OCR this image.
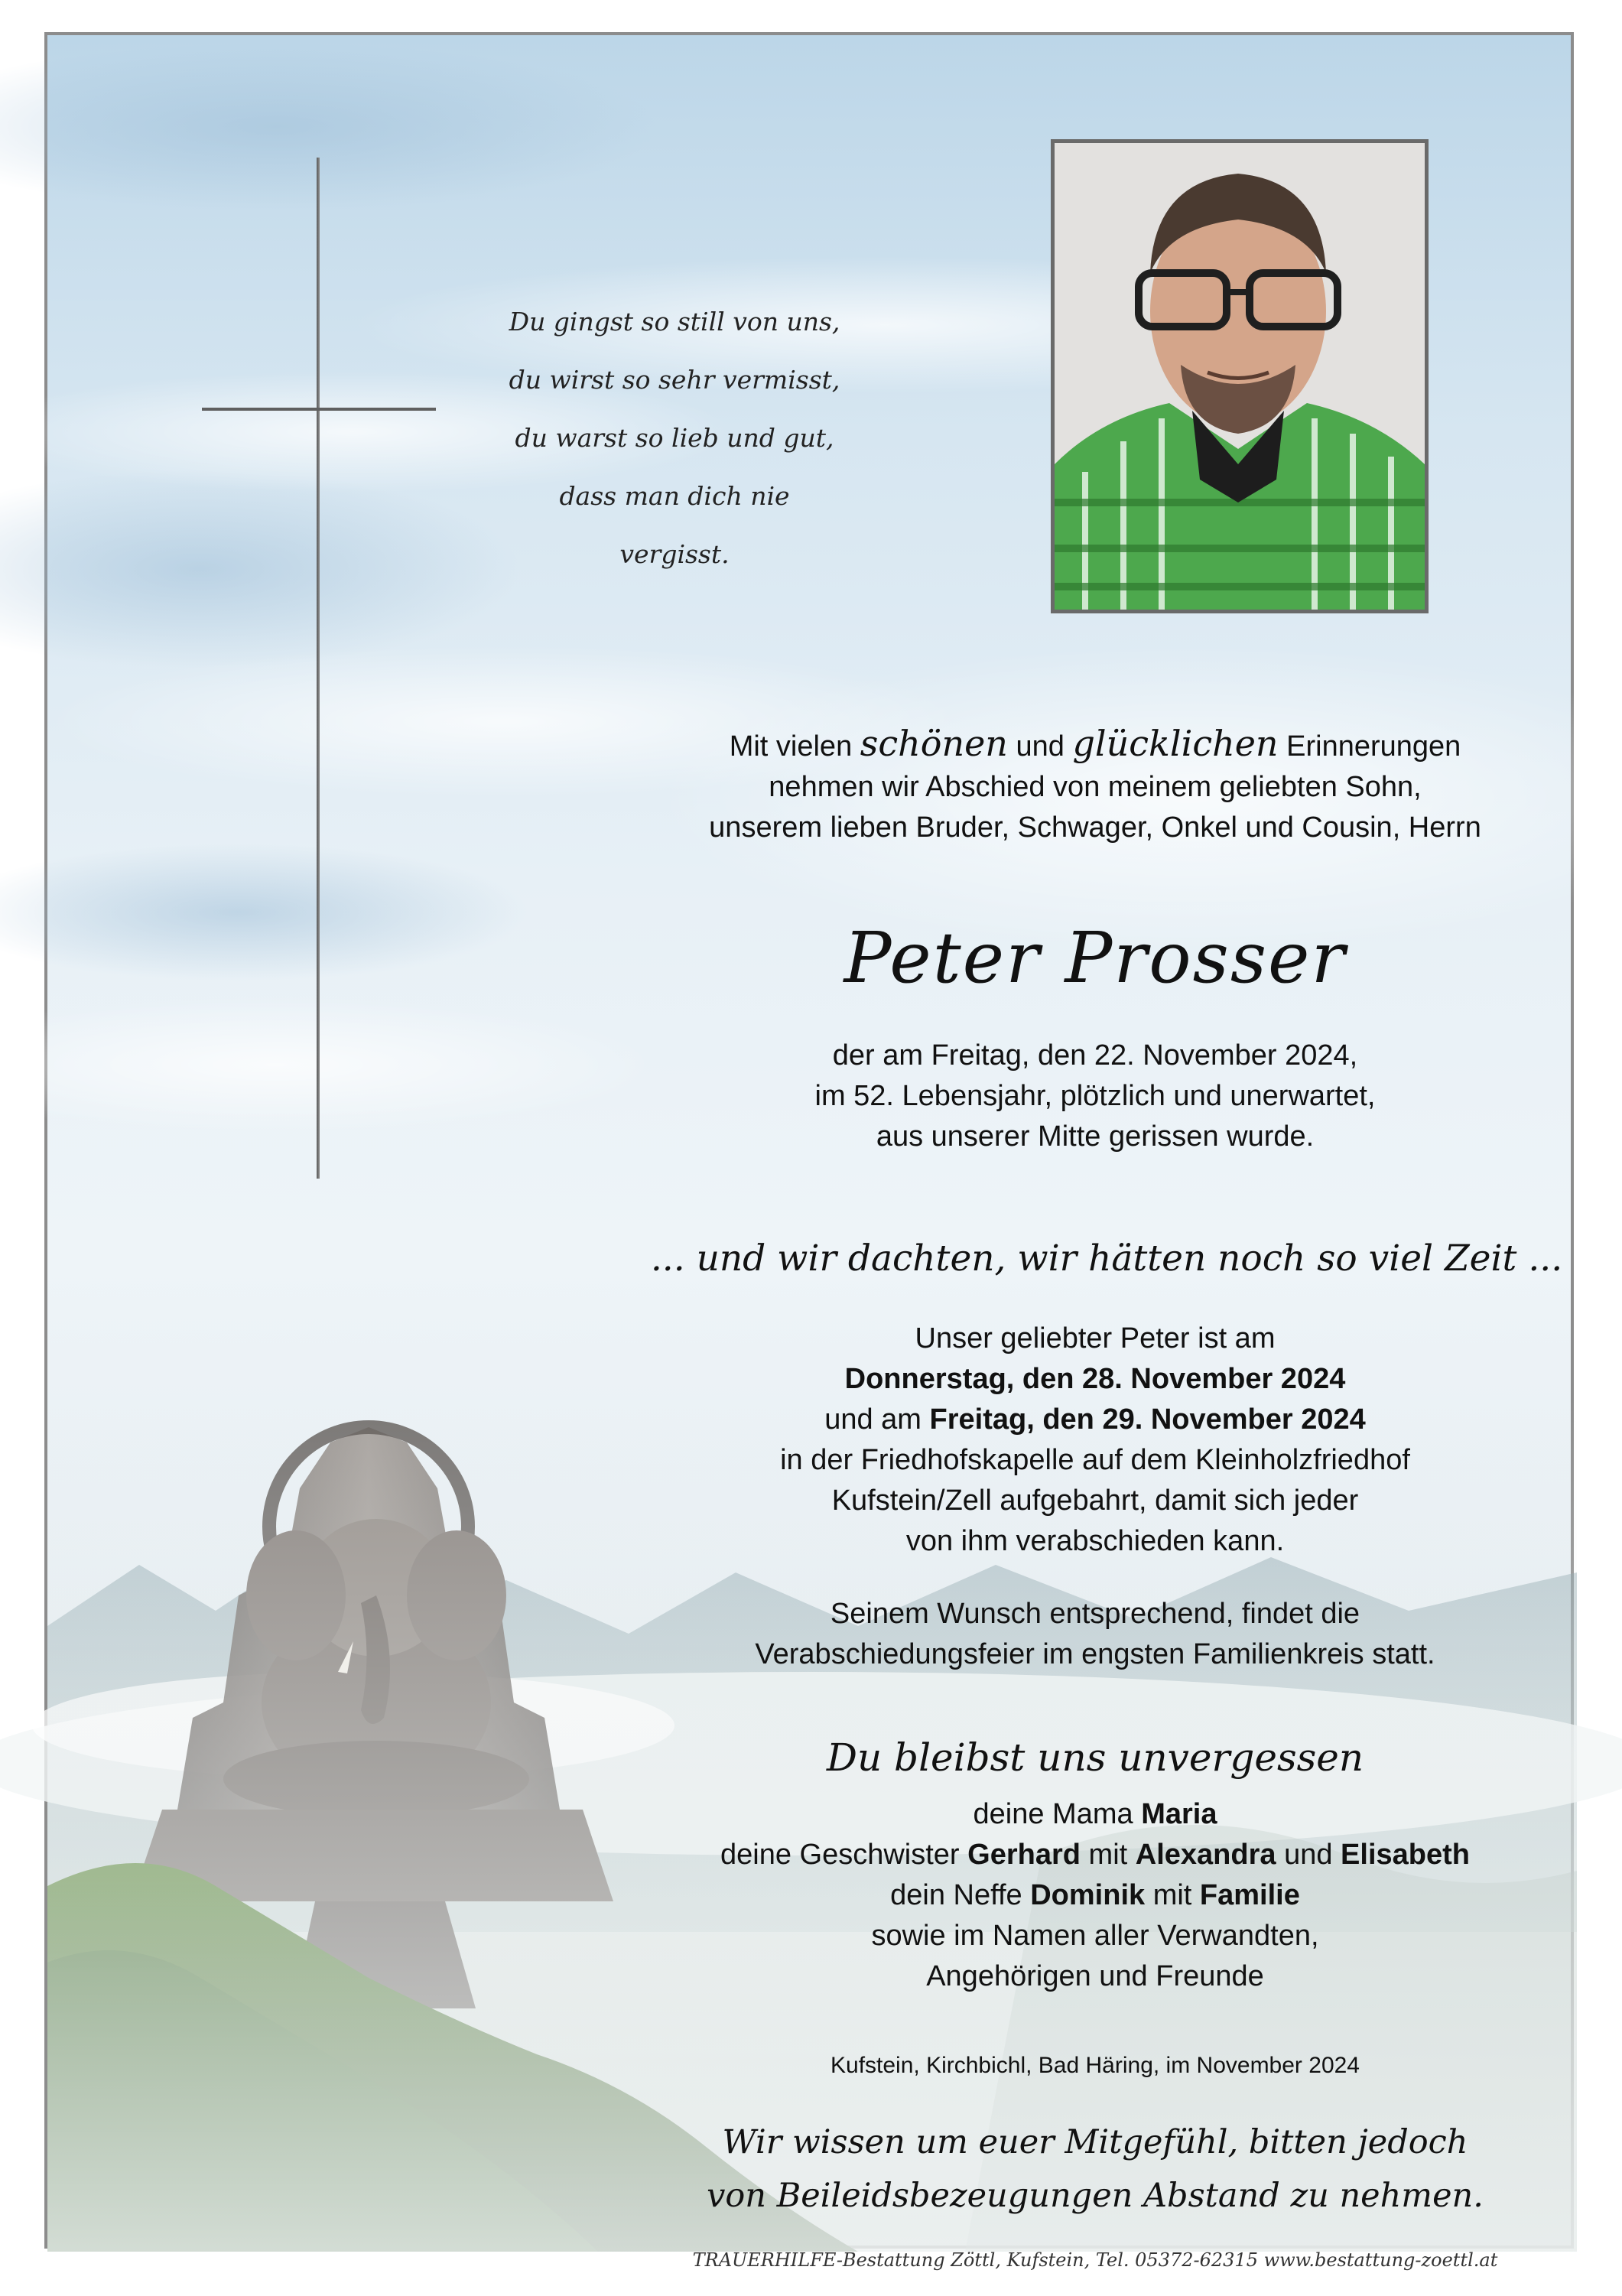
Du gingst so still von uns,
du wirst so sehr vermisst,
du warst so lieb und gut,
dass man dich nie vergisst.
Mit vielen schönen und glücklichen Erinnerungen
nehmen wir Abschied von meinem geliebten Sohn,
unserem lieben Bruder, Schwager, Onkel und Cousin, Herrn
Peter Prosser
der am Freitag, den 22. November 2024,
im 52. Lebensjahr, plötzlich und unerwartet,
aus unserer Mitte gerissen wurde.
... und wir dachten, wir hätten noch so viel Zeit ...
Unser geliebter Peter ist am
Donnerstag, den 28. November 2024
und am Freitag, den 29. November 2024
in der Friedhofskapelle auf dem Kleinholzfriedhof
Kufstein/Zell aufgebahrt, damit sich jeder
von ihm verabschieden kann.
Seinem Wunsch entsprechend, findet die
Verabschiedungsfeier im engsten Familienkreis statt.
Du bleibst uns unvergessen
deine Mama Maria
deine Geschwister Gerhard mit Alexandra und Elisabeth
dein Neffe Dominik mit Familie
sowie im Namen aller Verwandten,
Angehörigen und Freunde
Kufstein, Kirchbichl, Bad Häring, im November 2024
Wir wissen um euer Mitgefühl, bitten jedoch
von Beileidsbezeugungen Abstand zu nehmen.
TRAUERHILFE-Bestattung Zöttl, Kufstein, Tel. 05372-62315 www.bestattung-zoettl.at
